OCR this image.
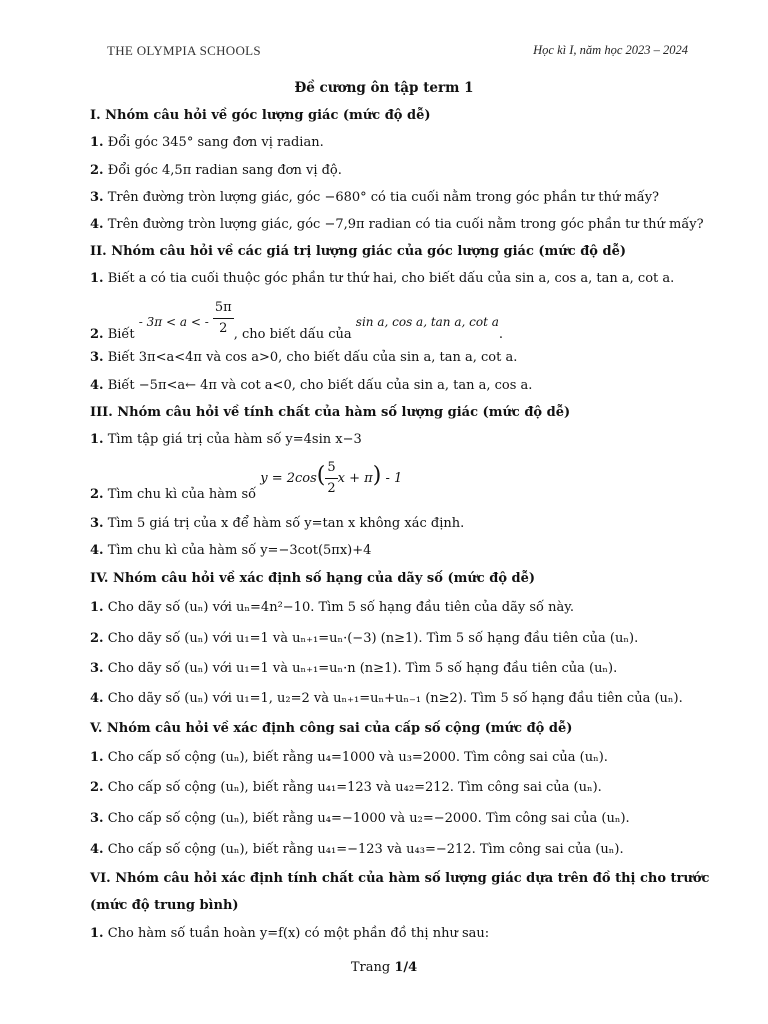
THE OLYMPIA SCHOOLS	Học kì I, năm học 2023 – 2024
Đề cương ôn tập term 1
I. Nhóm câu hỏi về góc lượng giác (mức độ dễ)
1. Đổi góc 345° sang đơn vị radian.
2. Đổi góc 4,5π radian sang đơn vị độ.
3. Trên đường tròn lượng giác, góc −680° có tia cuối nằm trong góc phần tư thứ mấy?
4. Trên đường tròn lượng giác, góc −7,9π radian có tia cuối nằm trong góc phần tư thứ mấy?
II. Nhóm câu hỏi về các giá trị lượng giác của góc lượng giác (mức độ dễ)
1. Biết a có tia cuối thuộc góc phần tư thứ hai, cho biết dấu của sin a, cos a, tan a, cot a.
2. Biết - 3π < a < - $\frac{5\pi}{2}$ , cho biết dấu của sin a, cos a, tan a, cot a.
3. Biết 3π<a<4π và cos a>0, cho biết dấu của sin a, tan a, cot a.
4. Biết −5π<a← 4π và cot a<0, cho biết dấu của sin a, tan a, cos a.
III. Nhóm câu hỏi về tính chất của hàm số lượng giác (mức độ dễ)
1. Tìm tập giá trị của hàm số y=4sin x−3
2. Tìm chu kì của hàm số $y = 2\cos( \frac{5}{2}$ x + π) - 1
3. Tìm 5 giá trị của x để hàm số y=tan x không xác định.
4. Tìm chu kì của hàm số y=−3cot(5πx)+4
IV. Nhóm câu hỏi về xác định số hạng của dãy số (mức độ dễ)
1. Cho dãy số (uₙ) với uₙ=4n²−10. Tìm 5 số hạng đầu tiên của dãy số này.
2. Cho dãy số (uₙ) với u₁=1 và uₙ₊₁=uₙ·(−3) (n≥1). Tìm 5 số hạng đầu tiên của (uₙ).
3. Cho dãy số (uₙ) với u₁=1 và uₙ₊₁=uₙ·n (n≥1). Tìm 5 số hạng đầu tiên của (uₙ).
4. Cho dãy số (uₙ) với u₁=1, u₂=2 và uₙ₊₁=uₙ+uₙ₋₁ (n≥2). Tìm 5 số hạng đầu tiên của (uₙ).
V. Nhóm câu hỏi về xác định công sai của cấp số cộng (mức độ dễ)
1. Cho cấp số cộng (uₙ), biết rằng u₄=1000 và u₃=2000. Tìm công sai của (uₙ).
2. Cho cấp số cộng (uₙ), biết rằng u₄₁=123 và u₄₂=212. Tìm công sai của (uₙ).
3. Cho cấp số cộng (uₙ), biết rằng u₄=−1000 và u₂=−2000. Tìm công sai của (uₙ).
4. Cho cấp số cộng (uₙ), biết rằng u₄₁=−123 và u₄₃=−212. Tìm công sai của (uₙ).
VI. Nhóm câu hỏi xác định tính chất của hàm số lượng giác dựa trên đồ thị cho trước
(mức độ trung bình)
1. Cho hàm số tuần hoàn y=f(x) có một phần đồ thị như sau:
Trang 1/4
